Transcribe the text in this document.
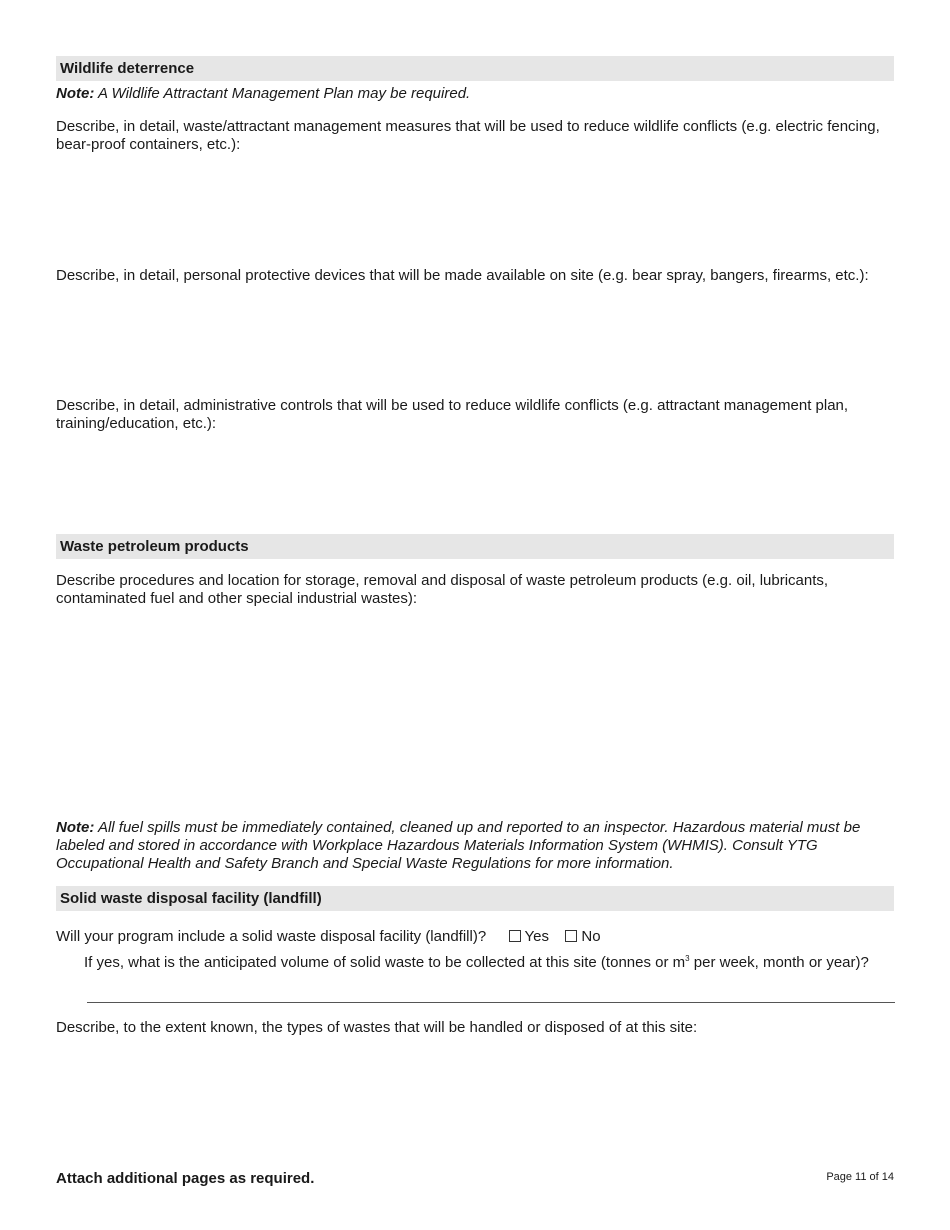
Wildlife deterrence
Note: A Wildlife Attractant Management Plan may be required.
Describe, in detail, waste/attractant management measures that will be used to reduce wildlife conflicts (e.g. electric fencing, bear-proof containers, etc.):
Describe, in detail, personal protective devices that will be made available on site (e.g. bear spray, bangers, firearms, etc.):
Describe, in detail, administrative controls that will be used to reduce wildlife conflicts (e.g. attractant management plan, training/education, etc.):
Waste petroleum products
Describe procedures and location for storage, removal and disposal of waste petroleum products (e.g. oil, lubricants, contaminated fuel and other special industrial wastes):
Note: All fuel spills must be immediately contained, cleaned up and reported to an inspector. Hazardous material must be labeled and stored in accordance with Workplace Hazardous Materials Information System (WHMIS). Consult YTG Occupational Health and Safety Branch and Special Waste Regulations for more information.
Solid waste disposal facility (landfill)
Will your program include a solid waste disposal facility (landfill)?	Yes No
If yes, what is the anticipated volume of solid waste to be collected at this site (tonnes or $m^3$ per week, month or year)?
Describe, to the extent known, the types of wastes that will be handled or disposed of at this site:
Attach additional pages as required.	Page 11 of 14
